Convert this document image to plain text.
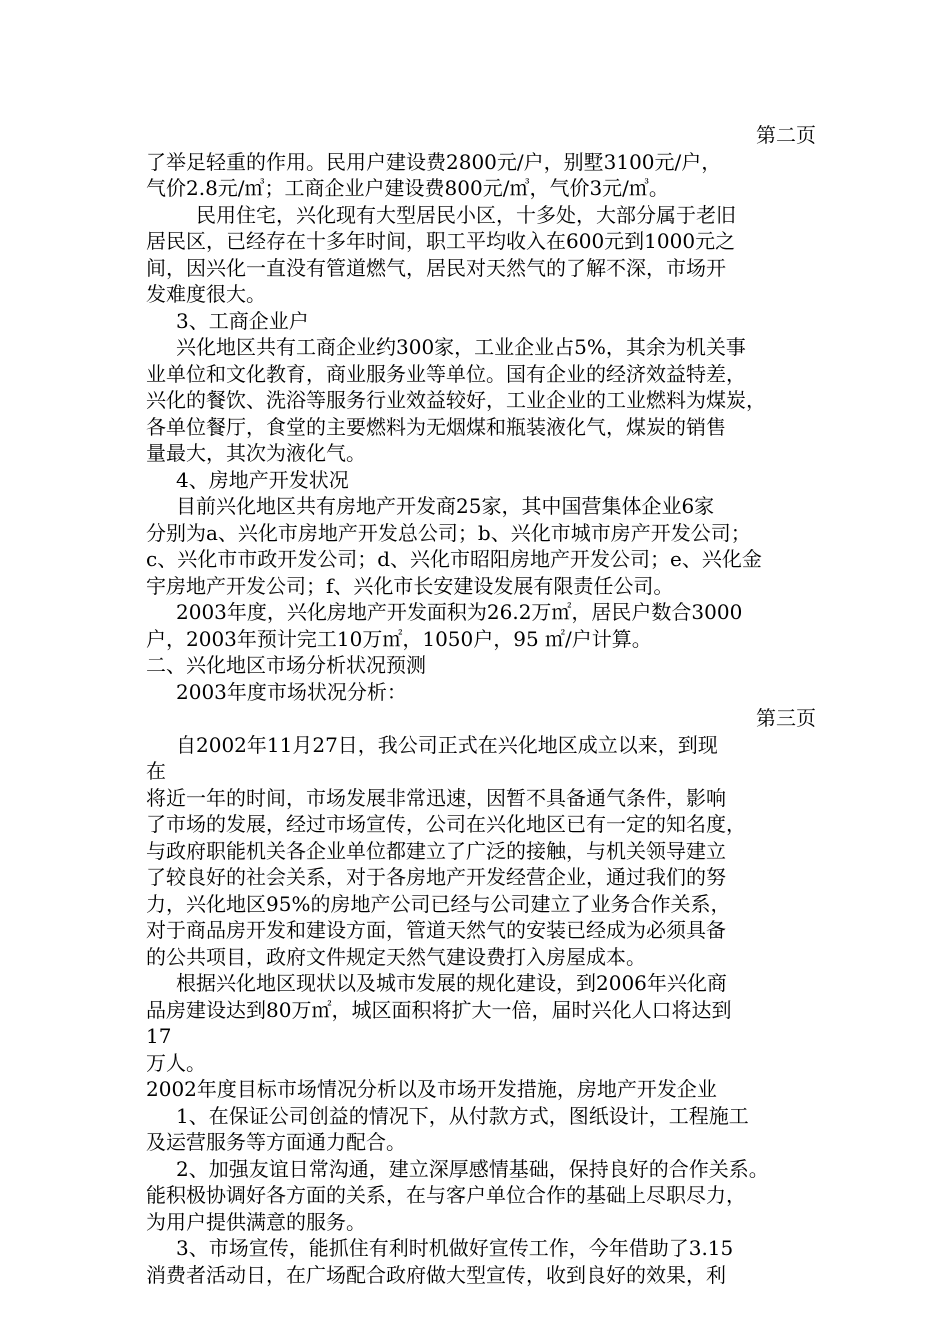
第二页
了举足轻重的作用。民用户建设费2800元/户，别墅3100元/户，
气价2.8元/㎥；工商企业户建设费800元/㎥，气价3元/㎥。
　民用住宅，兴化现有大型居民小区，十多处，大部分属于老旧
居民区，已经存在十多年时间，职工平均收入在600元到1000元之
间，因兴化一直没有管道燃气，居民对天然气的了解不深，市场开
发难度很大。
3、工商企业户
兴化地区共有工商企业约300家，工业企业占5%，其余为机关事
业单位和文化教育，商业服务业等单位。国有企业的经济效益特差，
兴化的餐饮、洗浴等服务行业效益较好，工业企业的工业燃料为煤炭，
各单位餐厅，食堂的主要燃料为无烟煤和瓶装液化气，煤炭的销售
量最大，其次为液化气。
4、房地产开发状况
目前兴化地区共有房地产开发商25家，其中国营集体企业6家
分别为a、兴化市房地产开发总公司；b、兴化市城市房产开发公司；
c、兴化市市政开发公司；d、兴化市昭阳房地产开发公司；e、兴化金
宇房地产开发公司；f、兴化市长安建设发展有限责任公司。
2003年度，兴化房地产开发面积为26.2万㎡，居民户数合3000
户，2003年预计完工10万㎡，1050户，95 ㎡/户计算。
二、兴化地区市场分析状况预测
2003年度市场状况分析：
第三页
自2002年11月27日，我公司正式在兴化地区成立以来，到现
在
将近一年的时间，市场发展非常迅速，因暂不具备通气条件，影响
了市场的发展，经过市场宣传，公司在兴化地区已有一定的知名度，
与政府职能机关各企业单位都建立了广泛的接触，与机关领导建立
了较良好的社会关系，对于各房地产开发经营企业，通过我们的努
力，兴化地区95%的房地产公司已经与公司建立了业务合作关系，
对于商品房开发和建设方面，管道天然气的安装已经成为必须具备
的公共项目，政府文件规定天然气建设费打入房屋成本。
根据兴化地区现状以及城市发展的规化建设，到2006年兴化商
品房建设达到80万㎡，城区面积将扩大一倍，届时兴化人口将达到
17
万人。
2002年度目标市场情况分析以及市场开发措施，房地产开发企业
1、在保证公司创益的情况下，从付款方式，图纸设计，工程施工
及运营服务等方面通力配合。
2、加强友谊日常沟通，建立深厚感情基础，保持良好的合作关系。
能积极协调好各方面的关系，在与客户单位合作的基础上尽职尽力，
为用户提供满意的服务。
3、市场宣传，能抓住有利时机做好宣传工作，今年借助了3.15
消费者活动日，在广场配合政府做大型宣传，收到良好的效果，利
